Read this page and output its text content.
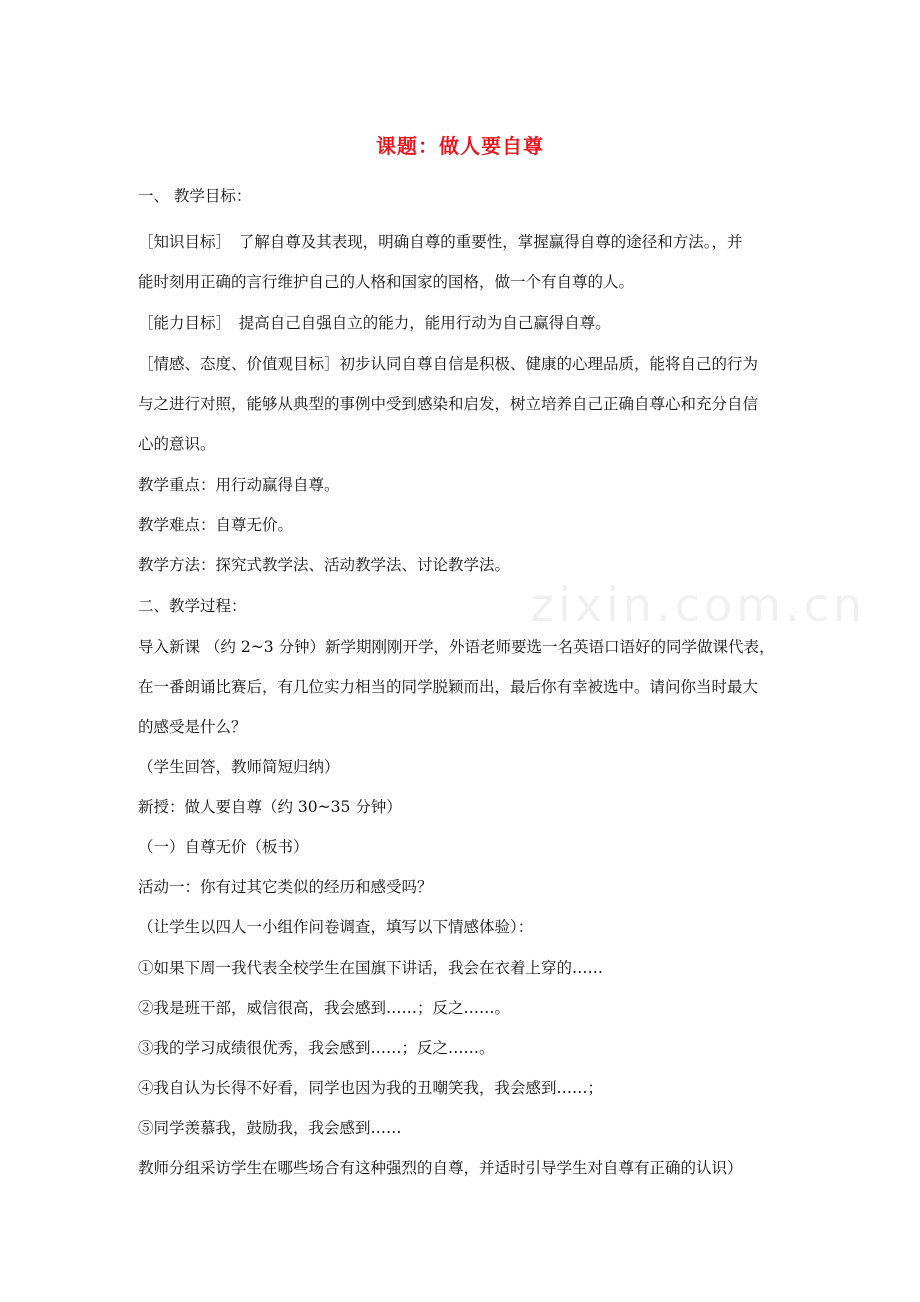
zixin.com.cn
课题：做人要自尊
一、 教学目标：
［知识目标］　了解自尊及其表现，明确自尊的重要性，掌握赢得自尊的途径和方法。，并
能时刻用正确的言行维护自己的人格和国家的国格，做一个有自尊的人。
［能力目标］　提高自己自强自立的能力，能用行动为自己赢得自尊。
［情感、态度、价值观目标］初步认同自尊自信是积极、健康的心理品质，能将自己的行为
与之进行对照，能够从典型的事例中受到感染和启发，树立培养自己正确自尊心和充分自信
心的意识。
教学重点：用行动赢得自尊。
教学难点：自尊无价。
教学方法：探究式教学法、活动教学法、讨论教学法。
二、教学过程：
导入新课 （约 2~3 分钟）新学期刚刚开学，外语老师要选一名英语口语好的同学做课代表，
在一番朗诵比赛后，有几位实力相当的同学脱颖而出，最后你有幸被选中。请问你当时最大
的感受是什么？
（学生回答，教师简短归纳）
新授：做人要自尊（约 30~35 分钟）
（一）自尊无价（板书）
活动一：你有过其它类似的经历和感受吗？
（让学生以四人一小组作问卷调查，填写以下情感体验）：
①如果下周一我代表全校学生在国旗下讲话，我会在衣着上穿的……
②我是班干部，威信很高，我会感到……；反之……。
③我的学习成绩很优秀，我会感到……；反之……。
④我自认为长得不好看，同学也因为我的丑嘲笑我，我会感到……；
⑤同学羡慕我，鼓励我，我会感到……
教师分组采访学生在哪些场合有这种强烈的自尊，并适时引导学生对自尊有正确的认识）
